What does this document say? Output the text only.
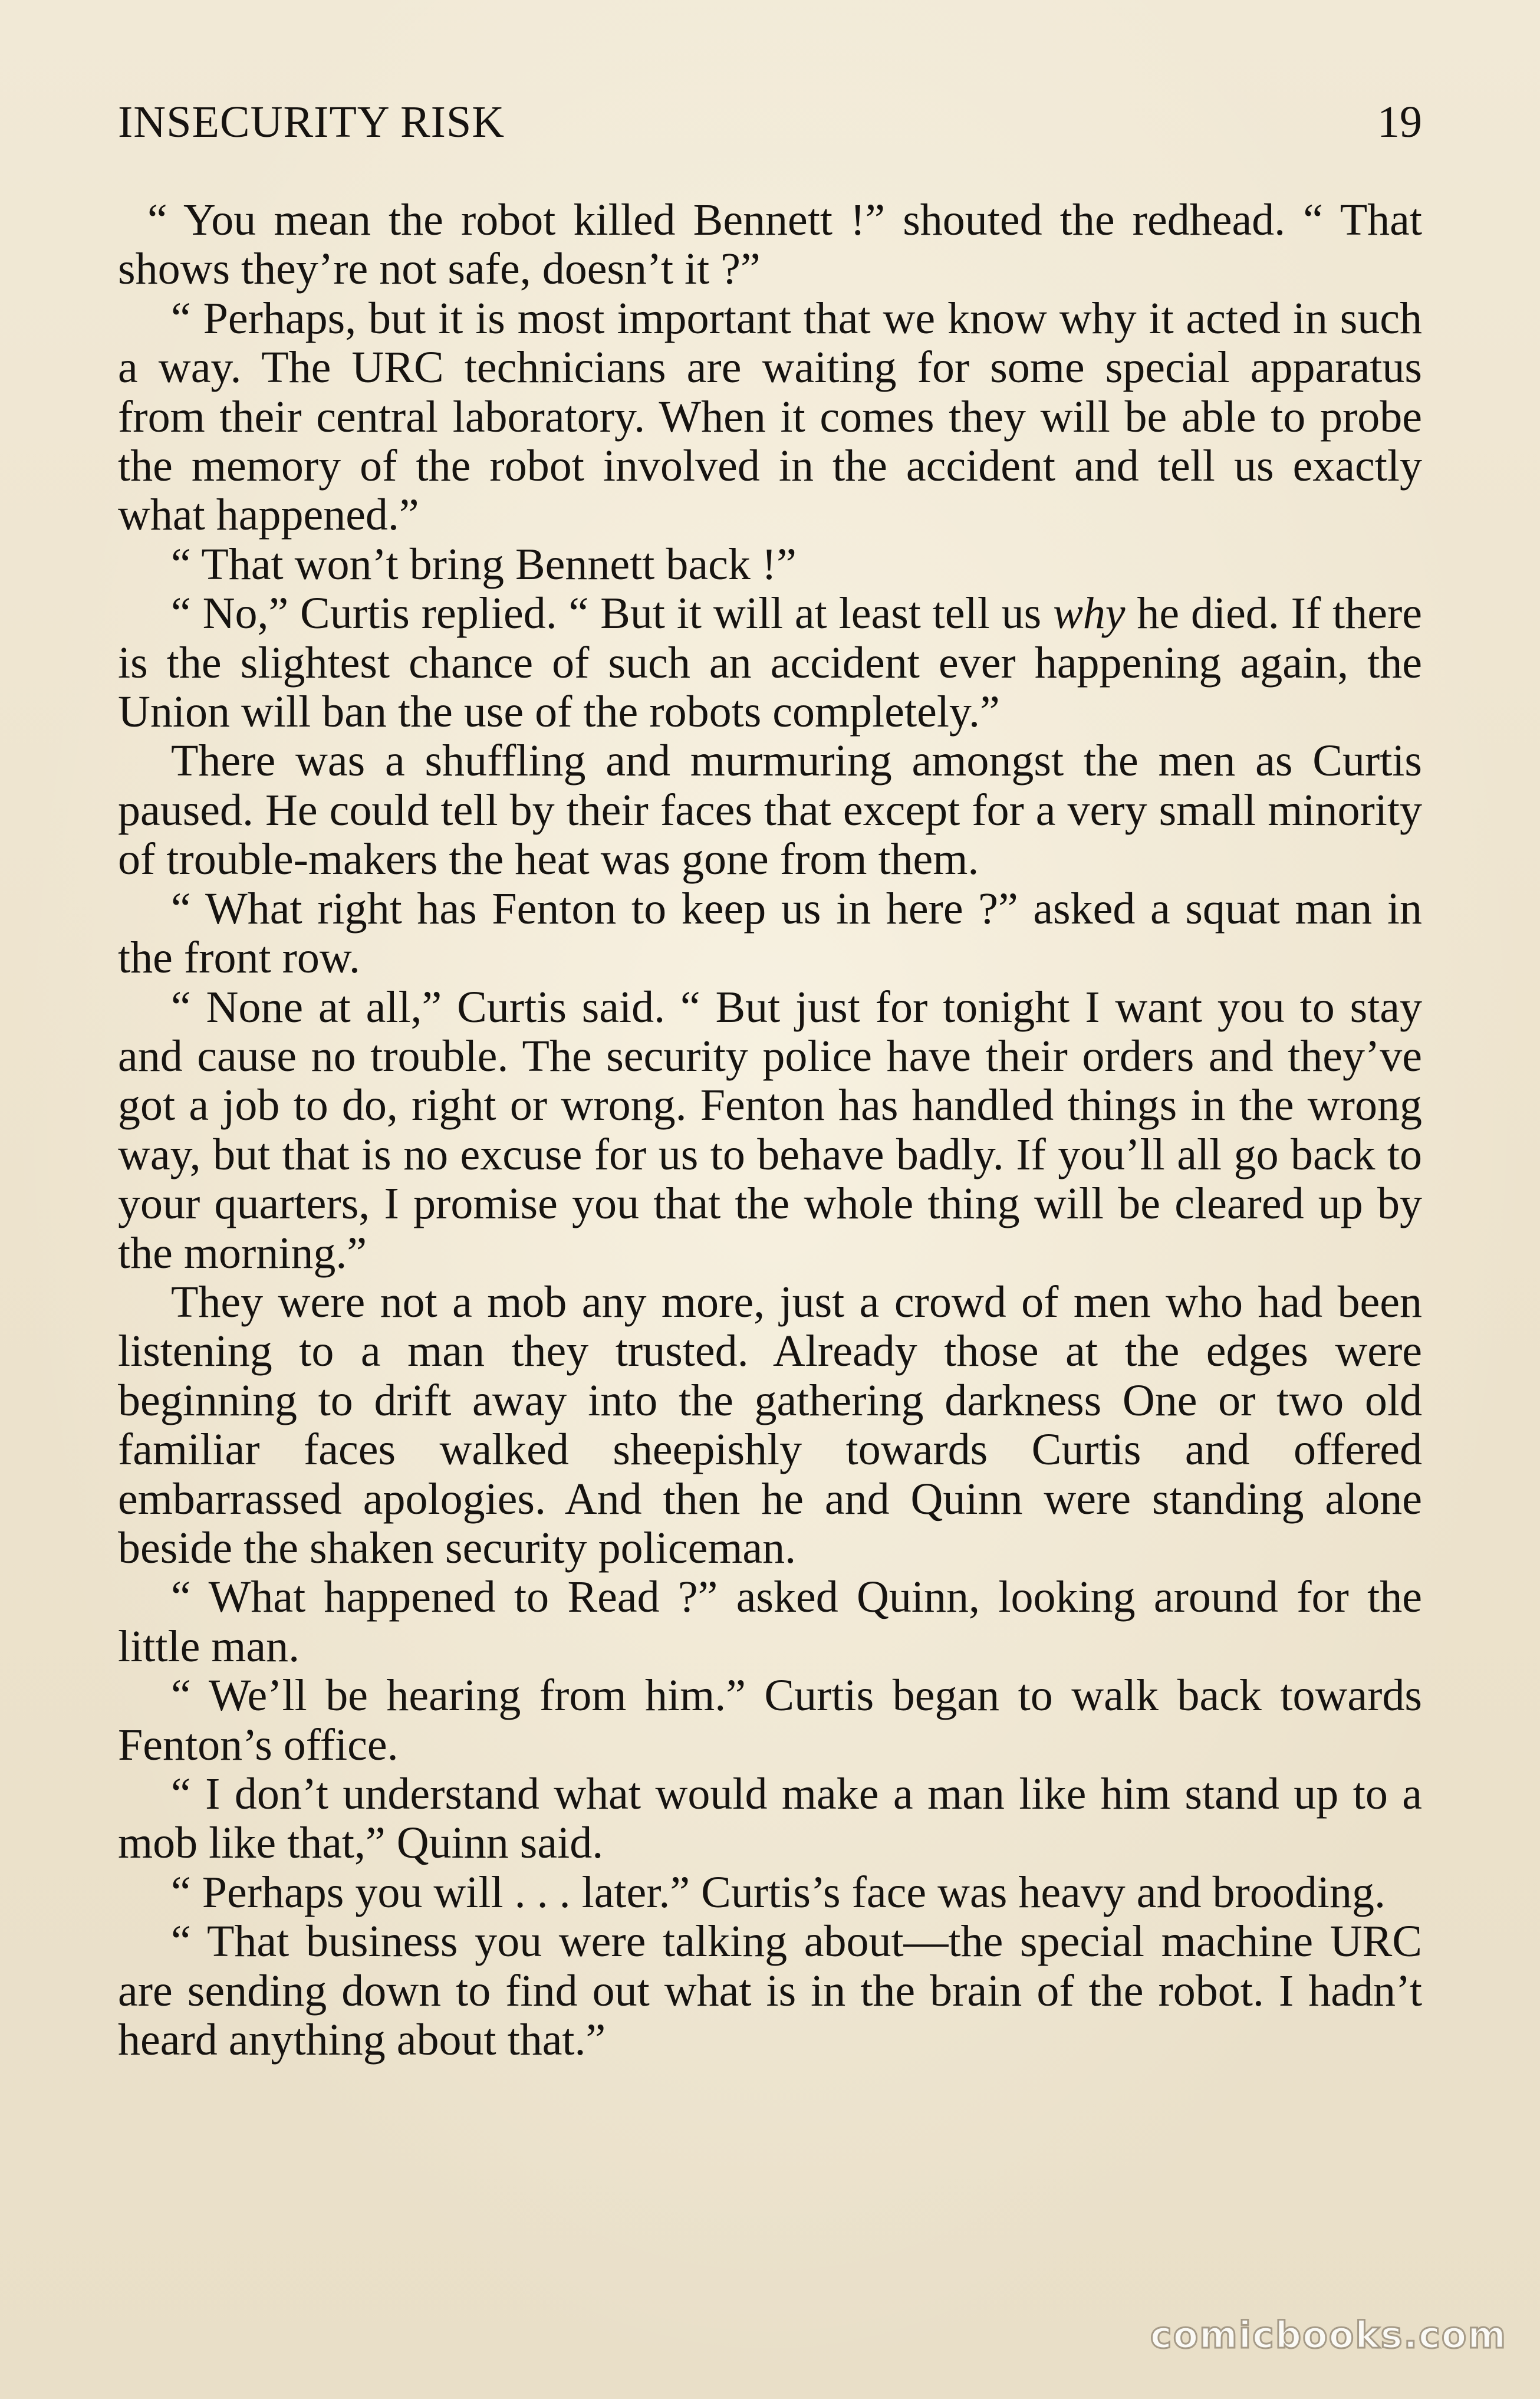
INSECURITY RISK	19

“ You mean the robot killed Bennett !” shouted the redhead. “ That shows they’re not safe, doesn’t it ?”

“ Perhaps, but it is most important that we know why it acted in such a way. The URC technicians are waiting for some special apparatus from their central laboratory. When it comes they will be able to probe the memory of the robot involved in the accident and tell us exactly what happened.”

“ That won’t bring Bennett back !”

“ No,” Curtis replied. “ But it will at least tell us why he died. If there is the slightest chance of such an accident ever happening again, the Union will ban the use of the robots completely.”

There was a shuffling and murmuring amongst the men as Curtis paused. He could tell by their faces that except for a very small minority of trouble-makers the heat was gone from them.

“ What right has Fenton to keep us in here ?” asked a squat man in the front row.

“ None at all,” Curtis said. “ But just for tonight I want you to stay and cause no trouble. The security police have their orders and they’ve got a job to do, right or wrong. Fenton has handled things in the wrong way, but that is no excuse for us to behave badly. If you’ll all go back to your quarters, I promise you that the whole thing will be cleared up by the morning.”

They were not a mob any more, just a crowd of men who had been listening to a man they trusted. Already those at the edges were beginning to drift away into the gathering darkness One or two old familiar faces walked sheepishly towards Curtis and offered embarrassed apologies. And then he and Quinn were standing alone beside the shaken security policeman.

“ What happened to Read ?” asked Quinn, looking around for the little man.

“ We’ll be hearing from him.” Curtis began to walk back towards Fenton’s office.

“ I don’t understand what would make a man like him stand up to a mob like that,” Quinn said.

“ Perhaps you will . . . later.” Curtis’s face was heavy and brooding.

“ That business you were talking about—the special machine URC are sending down to find out what is in the brain of the robot. I hadn’t heard anything about that.”

comicbooks.com
